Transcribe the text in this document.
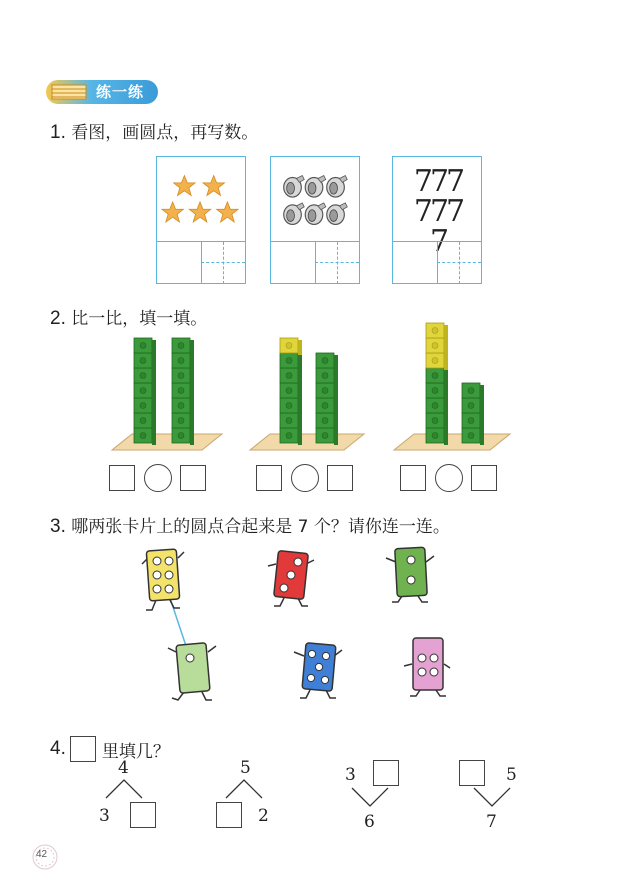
练一练
1. 看图，画圆点，再写数。
7777777
2. 比一比，填一填。
3. 哪两张卡片上的圆点合起来是 7 个？请你连一连。
4. 里填几？
4
3
5
2
3
6
5
7
42
